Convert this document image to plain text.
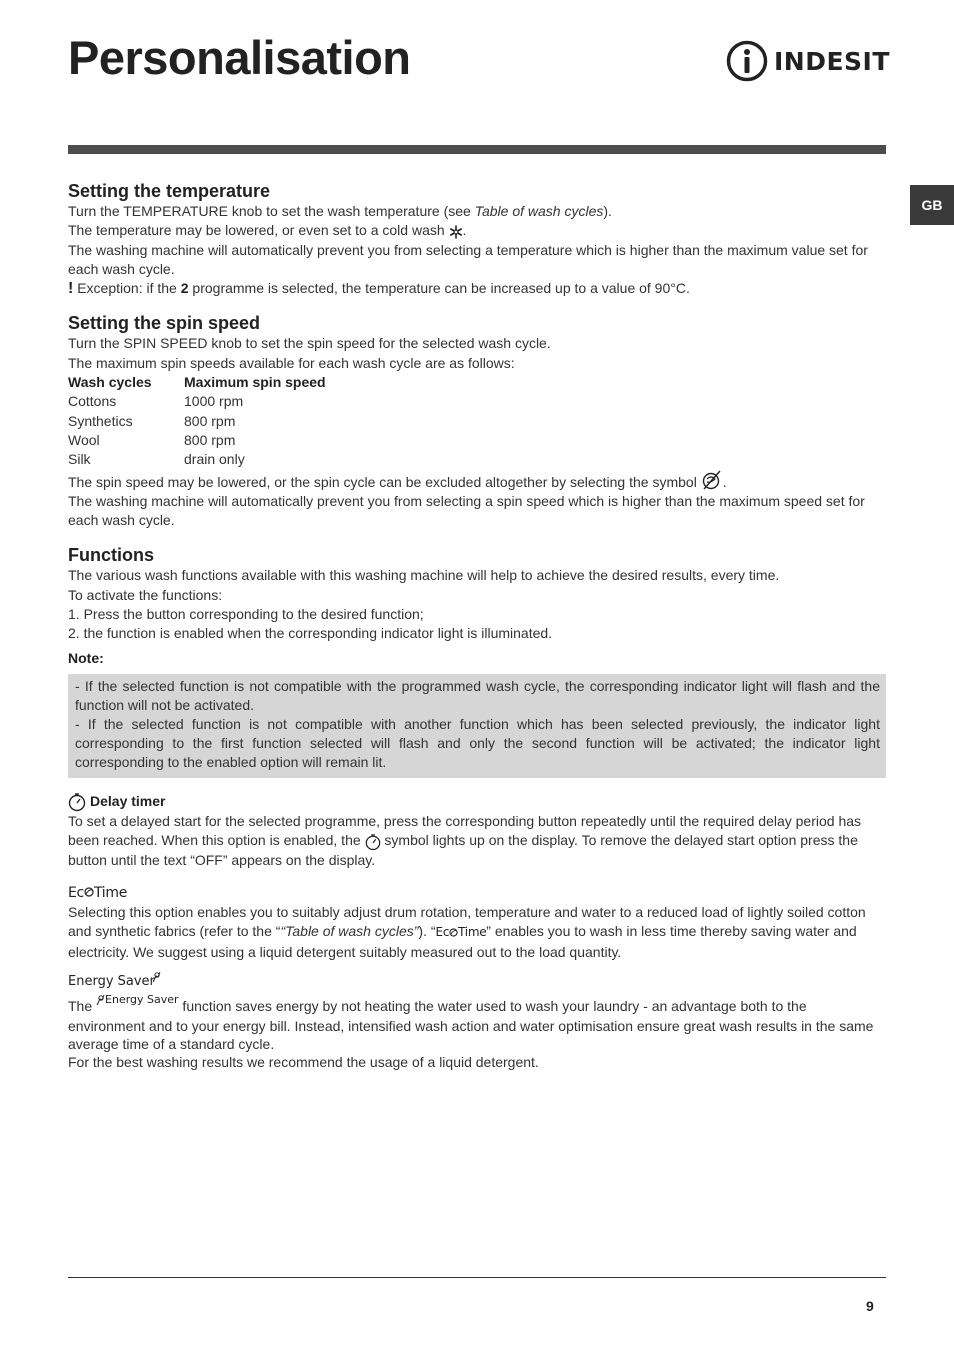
Personalisation	INDESIT
GB
Setting the temperature

Turn the TEMPERATURE knob to set the wash temperature (see Table of wash cycles).

The temperature may be lowered, or even set to a cold wash .

The washing machine will automatically prevent you from selecting a temperature which is higher than the maximum value set for each wash cycle.

! Exception: if the 2 programme is selected, the temperature can be increased up to a value of 90°C.

Setting the spin speed

Turn the SPIN SPEED knob to set the spin speed for the selected wash cycle.

The maximum spin speeds available for each wash cycle are as follows:

Wash cycles	Maximum spin speed
Cottons	1000 rpm
Synthetics	800 rpm
Wool	800 rpm
Silk	drain only

The spin speed may be lowered, or the spin cycle can be excluded altogether by selecting the symbol .

The washing machine will automatically prevent you from selecting a spin speed which is higher than the maximum speed set for each wash cycle.

Functions

The various wash functions available with this washing machine will help to achieve the desired results, every time.

To activate the functions:

1. Press the button corresponding to the desired function;

2. the function is enabled when the corresponding indicator light is illuminated.

Note:

- If the selected function is not compatible with the programmed wash cycle, the corresponding indicator light will flash and the function will not be activated.

- If the selected function is not compatible with another function which has been selected previously, the indicator light corresponding to the first function selected will flash and only the second function will be activated; the indicator light corresponding to the enabled option will remain lit.

Delay timer

To set a delayed start for the selected programme, press the corresponding button repeatedly until the required delay period has been reached. When this option is enabled, the  symbol lights up on the display. To remove the delayed start option press the button until the text “OFF” appears on the display.

Ec Time

Selecting this option enables you to suitably adjust drum rotation, temperature and water to a reduced load of lightly soiled cotton and synthetic fabrics (refer to the ““Table of wash cycles”). “Ec Time” enables you to wash in less time thereby saving water and electricity. We suggest using a liquid detergent suitably measured out to the load quantity.

Energy Saver

The $^{Energy Saver}$ function saves energy by not heating the water used to wash your laundry - an advantage both to the environment and to your energy bill. Instead, intensified wash action and water optimisation ensure great wash results in the same average time of a standard cycle.

For the best washing results we recommend the usage of a liquid detergent.

9
